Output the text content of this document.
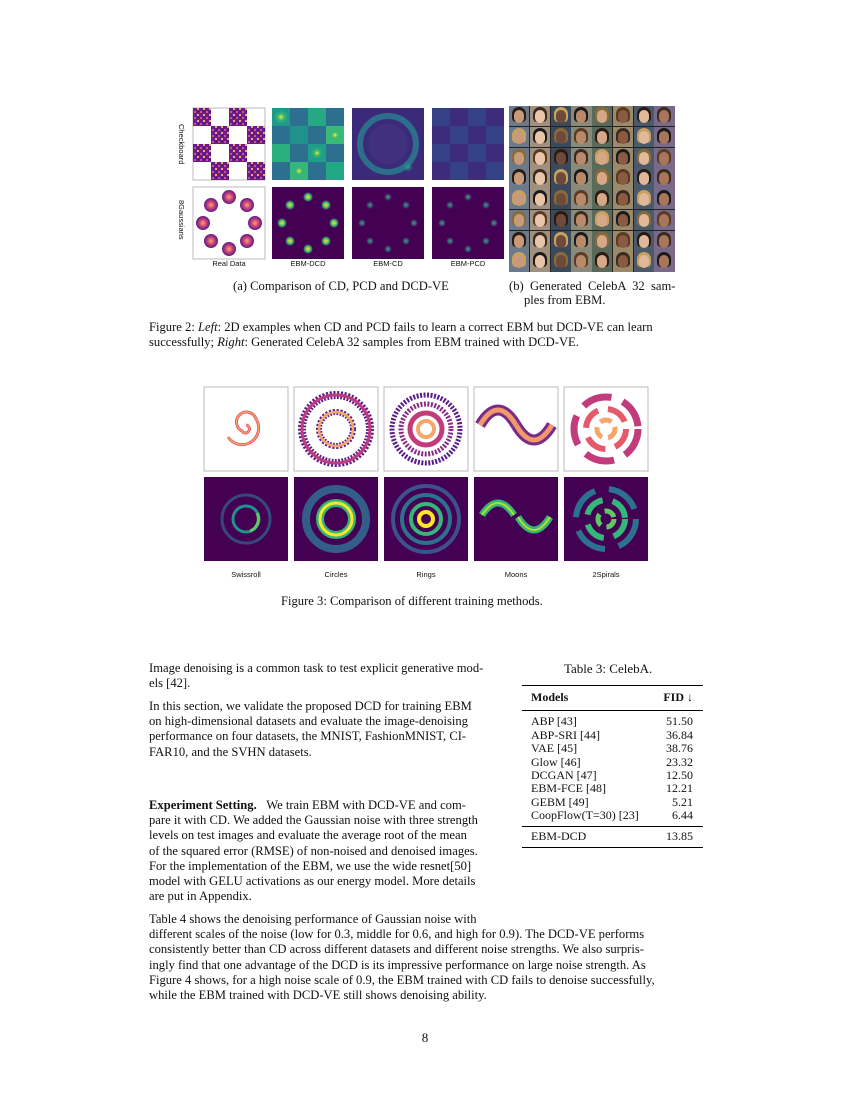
Checkboard
8Gaussians
Real Data	EBM-DCD	EBM-CD	EBM-PCD
(a) Comparison of CD, PCD and DCD-VE	(b)  Generated  CelebA  32  sam-
ples from EBM.
Figure 2: Left: 2D examples when CD and PCD fails to learn a correct EBM but DCD-VE can learn
successfully; Right: Generated CelebA 32 samples from EBM trained with DCD-VE.
Swissroll	Circles	Rings	Moons	2Spirals
Figure 3: Comparison of different training methods.
Image denoising is a common task to test explicit generative mod-
els [42].
In this section, we validate the proposed DCD for training EBM
on high-dimensional datasets and evaluate the image-denoising
performance on four datasets, the MNIST, FashionMNIST, CI-
FAR10, and the SVHN datasets.
Experiment Setting. We train EBM with DCD-VE and com-
pare it with CD. We added the Gaussian noise with three strength
levels on test images and evaluate the average root of the mean
of the squared error (RMSE) of non-noised and denoised images.
For the implementation of the EBM, we use the wide resnet[50]
model with GELU activations as our energy model. More details
are put in Appendix.
Table 4 shows the denoising performance of Gaussian noise with
different scales of the noise (low for 0.3, middle for 0.6, and high for 0.9). The DCD-VE performs
consistently better than CD across different datasets and different noise strengths. We also surpris-
ingly find that one advantage of the DCD is its impressive performance on large noise strength. As
Figure 4 shows, for a high noise scale of 0.9, the EBM trained with CD fails to denoise successfully,
while the EBM trained with DCD-VE still shows denoising ability.
Table 3: CelebA.
Models	FID ↓
ABP [43]	51.50
ABP-SRI [44]	36.84
VAE [45]	38.76
Glow [46]	23.32
DCGAN [47]	12.50
EBM-FCE [48]	12.21
GEBM [49]	5.21
CoopFlow(T=30) [23]	6.44
EBM-DCD	13.85
8
